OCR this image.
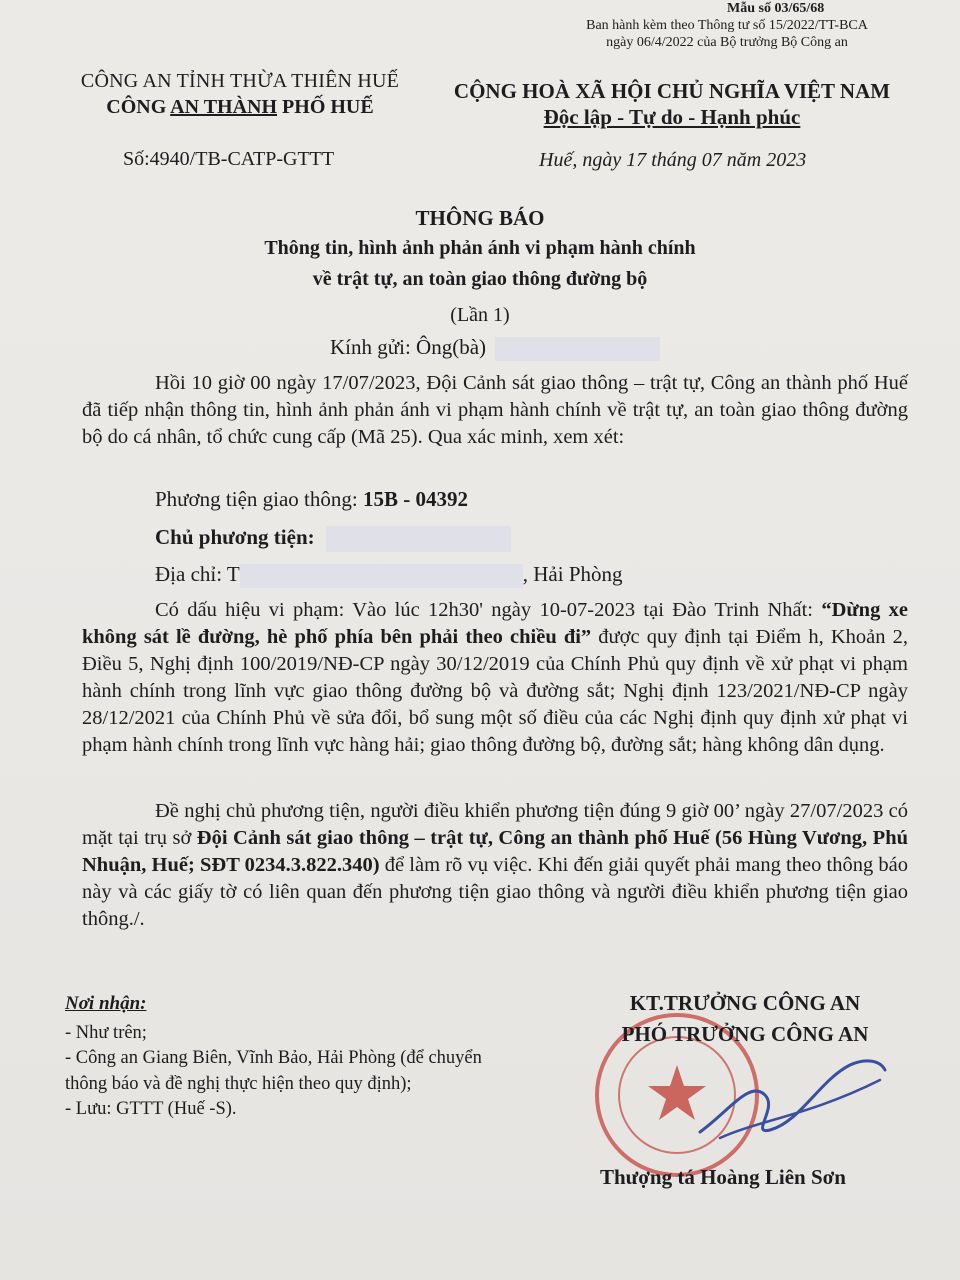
Mẫu số 03/65/68
Ban hành kèm theo Thông tư số 15/2022/TT-BCA
ngày 06/4/2022 của Bộ trưởng Bộ Công an
CÔNG AN TỈNH THỪA THIÊN HUẾ
CÔNG AN THÀNH PHỐ HUẾ
CỘNG HOÀ XÃ HỘI CHỦ NGHĨA VIỆT NAM
Độc lập - Tự do - Hạnh phúc
Số:4940/TB-CATP-GTTT	Huế, ngày 17 tháng 07 năm 2023
THÔNG BÁO
Thông tin, hình ảnh phản ánh vi phạm hành chính
về trật tự, an toàn giao thông đường bộ
(Lần 1)
Kính gửi: Ông(bà)
Hồi 10 giờ 00 ngày 17/07/2023, Đội Cảnh sát giao thông – trật tự, Công an thành phố Huế đã tiếp nhận thông tin, hình ảnh phản ánh vi phạm hành chính về trật tự, an toàn giao thông đường bộ do cá nhân, tổ chức cung cấp (Mã 25). Qua xác minh, xem xét:
Phương tiện giao thông: 15B - 04392
Chủ phương tiện:
Địa chỉ: T	, Hải Phòng
Có dấu hiệu vi phạm: Vào lúc 12h30' ngày 10-07-2023 tại Đào Trinh Nhất: “Dừng xe không sát lề đường, hè phố phía bên phải theo chiều đi” được quy định tại Điểm h, Khoản 2, Điều 5, Nghị định 100/2019/NĐ-CP ngày 30/12/2019 của Chính Phủ quy định về xử phạt vi phạm hành chính trong lĩnh vực giao thông đường bộ và đường sắt; Nghị định 123/2021/NĐ-CP ngày 28/12/2021 của Chính Phủ về sửa đổi, bổ sung một số điều của các Nghị định quy định xử phạt vi phạm hành chính trong lĩnh vực hàng hải; giao thông đường bộ, đường sắt; hàng không dân dụng.
Đề nghị chủ phương tiện, người điều khiển phương tiện đúng 9 giờ 00’ ngày 27/07/2023 có mặt tại trụ sở Đội Cảnh sát giao thông – trật tự, Công an thành phố Huế (56 Hùng Vương, Phú Nhuận, Huế; SĐT 0234.3.822.340) để làm rõ vụ việc. Khi đến giải quyết phải mang theo thông báo này và các giấy tờ có liên quan đến phương tiện giao thông và người điều khiển phương tiện giao thông./.
Nơi nhận:
- Như trên;
- Công an Giang Biên, Vĩnh Bảo, Hải Phòng (để chuyển thông báo và đề nghị thực hiện theo quy định);
- Lưu: GTTT (Huế -S).
KT.TRƯỞNG CÔNG AN
PHÓ TRƯỞNG CÔNG AN
Thượng tá Hoàng Liên Sơn
